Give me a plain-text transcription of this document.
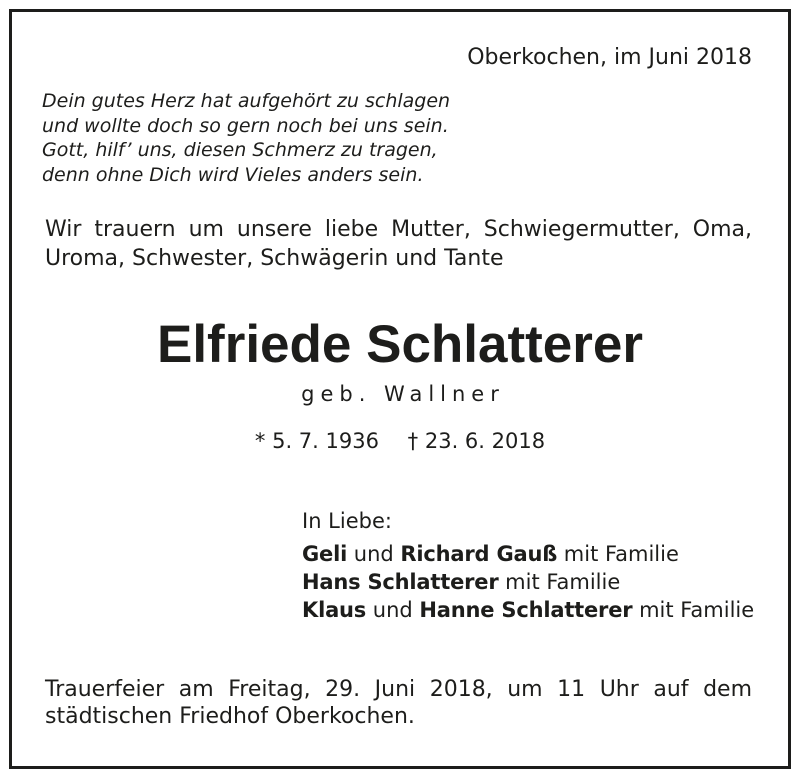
Oberkochen, im Juni 2018
Dein gutes Herz hat aufgehört zu schlagen
und wollte doch so gern noch bei uns sein.
Gott, hilf’ uns, diesen Schmerz zu tragen,
denn ohne Dich wird Vieles anders sein.
Wir trauern um unsere liebe Mutter, Schwiegermutter, Oma,
Uroma, Schwester, Schwägerin und Tante
Elfriede Schlatterer
geb. Wallner
* 5. 7. 1936 † 23. 6. 2018
In Liebe:
Geli und Richard Gauß mit Familie
Hans Schlatterer mit Familie
Klaus und Hanne Schlatterer mit Familie
Trauerfeier am Freitag, 29. Juni 2018, um 11 Uhr auf dem
städtischen Friedhof Oberkochen.
